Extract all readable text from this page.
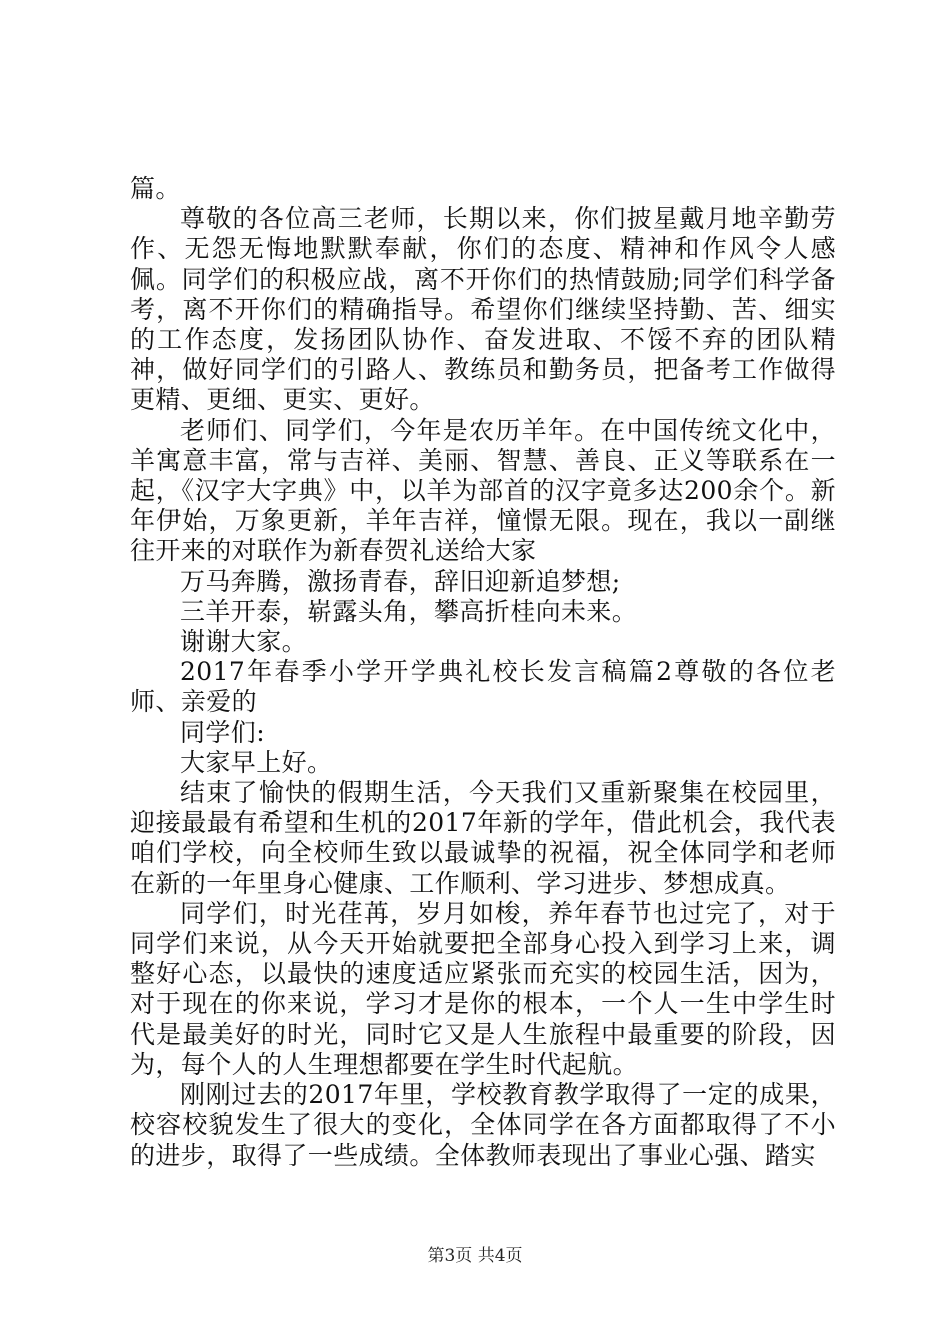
篇。

尊敬的各位高三老师，长期以来，你们披星戴月地辛勤劳作、无怨无悔地默默奉献，你们的态度、精神和作风令人感佩。同学们的积极应战，离不开你们的热情鼓励;同学们科学备考，离不开你们的精确指导。希望你们继续坚持勤、苦、细实的工作态度，发扬团队协作、奋发进取、不馁不弃的团队精神，做好同学们的引路人、教练员和勤务员，把备考工作做得更精、更细、更实、更好。

老师们、同学们，今年是农历羊年。在中国传统文化中，羊寓意丰富，常与吉祥、美丽、智慧、善良、正义等联系在一起，《汉字大字典》中，以羊为部首的汉字竟多达200余个。新年伊始，万象更新，羊年吉祥，憧憬无限。现在，我以一副继往开来的对联作为新春贺礼送给大家

万马奔腾，激扬青春，辞旧迎新追梦想;

三羊开泰，崭露头角，攀高折桂向未来。

谢谢大家。

2017年春季小学开学典礼校长发言稿篇2尊敬的各位老师、亲爱的

同学们:

大家早上好。

结束了愉快的假期生活，今天我们又重新聚集在校园里，迎接最最有希望和生机的2017年新的学年，借此机会，我代表咱们学校，向全校师生致以最诚挚的祝福，祝全体同学和老师在新的一年里身心健康、工作顺利、学习进步、梦想成真。

同学们，时光荏苒，岁月如梭，养年春节也过完了，对于同学们来说，从今天开始就要把全部身心投入到学习上来，调整好心态，以最快的速度适应紧张而充实的校园生活，因为，对于现在的你来说，学习才是你的根本，一个人一生中学生时代是最美好的时光，同时它又是人生旅程中最重要的阶段，因为，每个人的人生理想都要在学生时代起航。

刚刚过去的2017年里，学校教育教学取得了一定的成果，校容校貌发生了很大的变化，全体同学在各方面都取得了不小的进步，取得了一些成绩。全体教师表现出了事业心强、踏实

第3页 共4页
